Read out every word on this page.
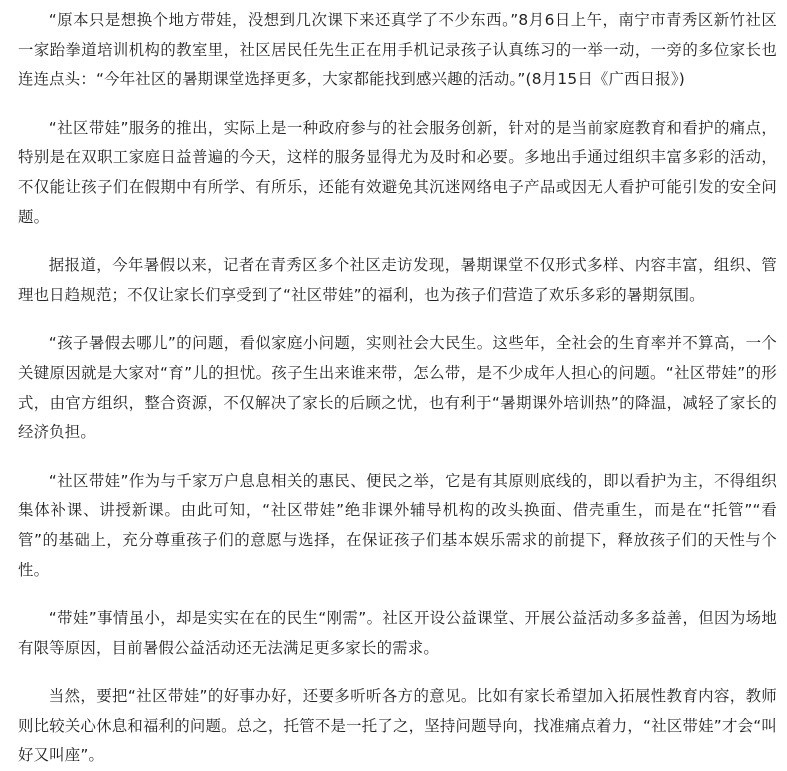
“原本只是想换个地方带娃，没想到几次课下来还真学了不少东西。”8月6日上午，南宁市青秀区新竹社区一家跆拳道培训机构的教室里，社区居民任先生正在用手机记录孩子认真练习的一举一动，一旁的多位家长也连连点头：“今年社区的暑期课堂选择更多，大家都能找到感兴趣的活动。”(8月15日《广西日报》)

“社区带娃”服务的推出，实际上是一种政府参与的社会服务创新，针对的是当前家庭教育和看护的痛点，特别是在双职工家庭日益普遍的今天，这样的服务显得尤为及时和必要。多地出手通过组织丰富多彩的活动，不仅能让孩子们在假期中有所学、有所乐，还能有效避免其沉迷网络电子产品或因无人看护可能引发的安全问题。

据报道，今年暑假以来，记者在青秀区多个社区走访发现，暑期课堂不仅形式多样、内容丰富，组织、管理也日趋规范；不仅让家长们享受到了“社区带娃”的福利，也为孩子们营造了欢乐多彩的暑期氛围。

“孩子暑假去哪儿”的问题，看似家庭小问题，实则社会大民生。这些年，全社会的生育率并不算高，一个关键原因就是大家对“育”儿的担忧。孩子生出来谁来带，怎么带，是不少成年人担心的问题。“社区带娃”的形式，由官方组织，整合资源，不仅解决了家长的后顾之忧，也有利于“暑期课外培训热”的降温，减轻了家长的经济负担。

“社区带娃”作为与千家万户息息相关的惠民、便民之举，它是有其原则底线的，即以看护为主，不得组织集体补课、讲授新课。由此可知，“社区带娃”绝非课外辅导机构的改头换面、借壳重生，而是在“托管”“看管”的基础上，充分尊重孩子们的意愿与选择，在保证孩子们基本娱乐需求的前提下，释放孩子们的天性与个性。

“带娃”事情虽小，却是实实在在的民生“刚需”。社区开设公益课堂、开展公益活动多多益善，但因为场地有限等原因，目前暑假公益活动还无法满足更多家长的需求。

当然，要把“社区带娃”的好事办好，还要多听听各方的意见。比如有家长希望加入拓展性教育内容，教师则比较关心休息和福利的问题。总之，托管不是一托了之，坚持问题导向，找准痛点着力，“社区带娃”才会“叫好又叫座”。
